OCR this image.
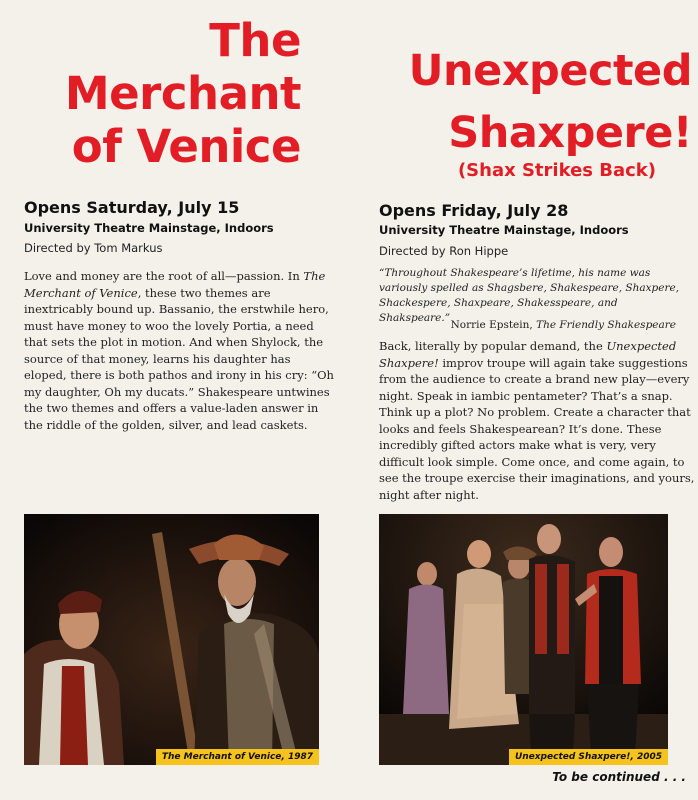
The
Merchant
of Venice
Opens Saturday, July 15
University Theatre Mainstage, Indoors
Directed by Tom Markus

Love and money are the root of all—passion. In The Merchant of Venice, these two themes are inextricably bound up. Bassanio, the erstwhile hero, must have money to woo the lovely Portia, a need that sets the plot in motion. And when Shylock, the source of that money, learns his daughter has eloped, there is both pathos and irony in his cry: “Oh my daughter, Oh my ducats.” Shakespeare untwines the two themes and offers a value-laden answer in the riddle of the golden, silver, and lead caskets.

The Merchant of Venice, 1987
Unexpected
Shaxpere!
(Shax Strikes Back)
Opens Friday, July 28
University Theatre Mainstage, Indoors
Directed by Ron Hippe

“Throughout Shakespeare’s lifetime, his name was variously spelled as Shagsbere, Shakespeare, Shaxpere, Shackespere, Shaxpeare, Shakesspeare, and Shakspeare.”

Norrie Epstein, The Friendly Shakespeare

Back, literally by popular demand, the Unexpected Shaxpere! improv troupe will again take suggestions from the audience to create a brand new play—every night. Speak in iambic pentameter? That’s a snap. Think up a plot? No problem. Create a character that looks and feels Shakespearean? It’s done. These incredibly gifted actors make what is very, very difficult look simple. Come once, and come again, to see the troupe exercise their imaginations, and yours, night after night.

Unexpected Shaxpere!, 2005
To be continued . . .
